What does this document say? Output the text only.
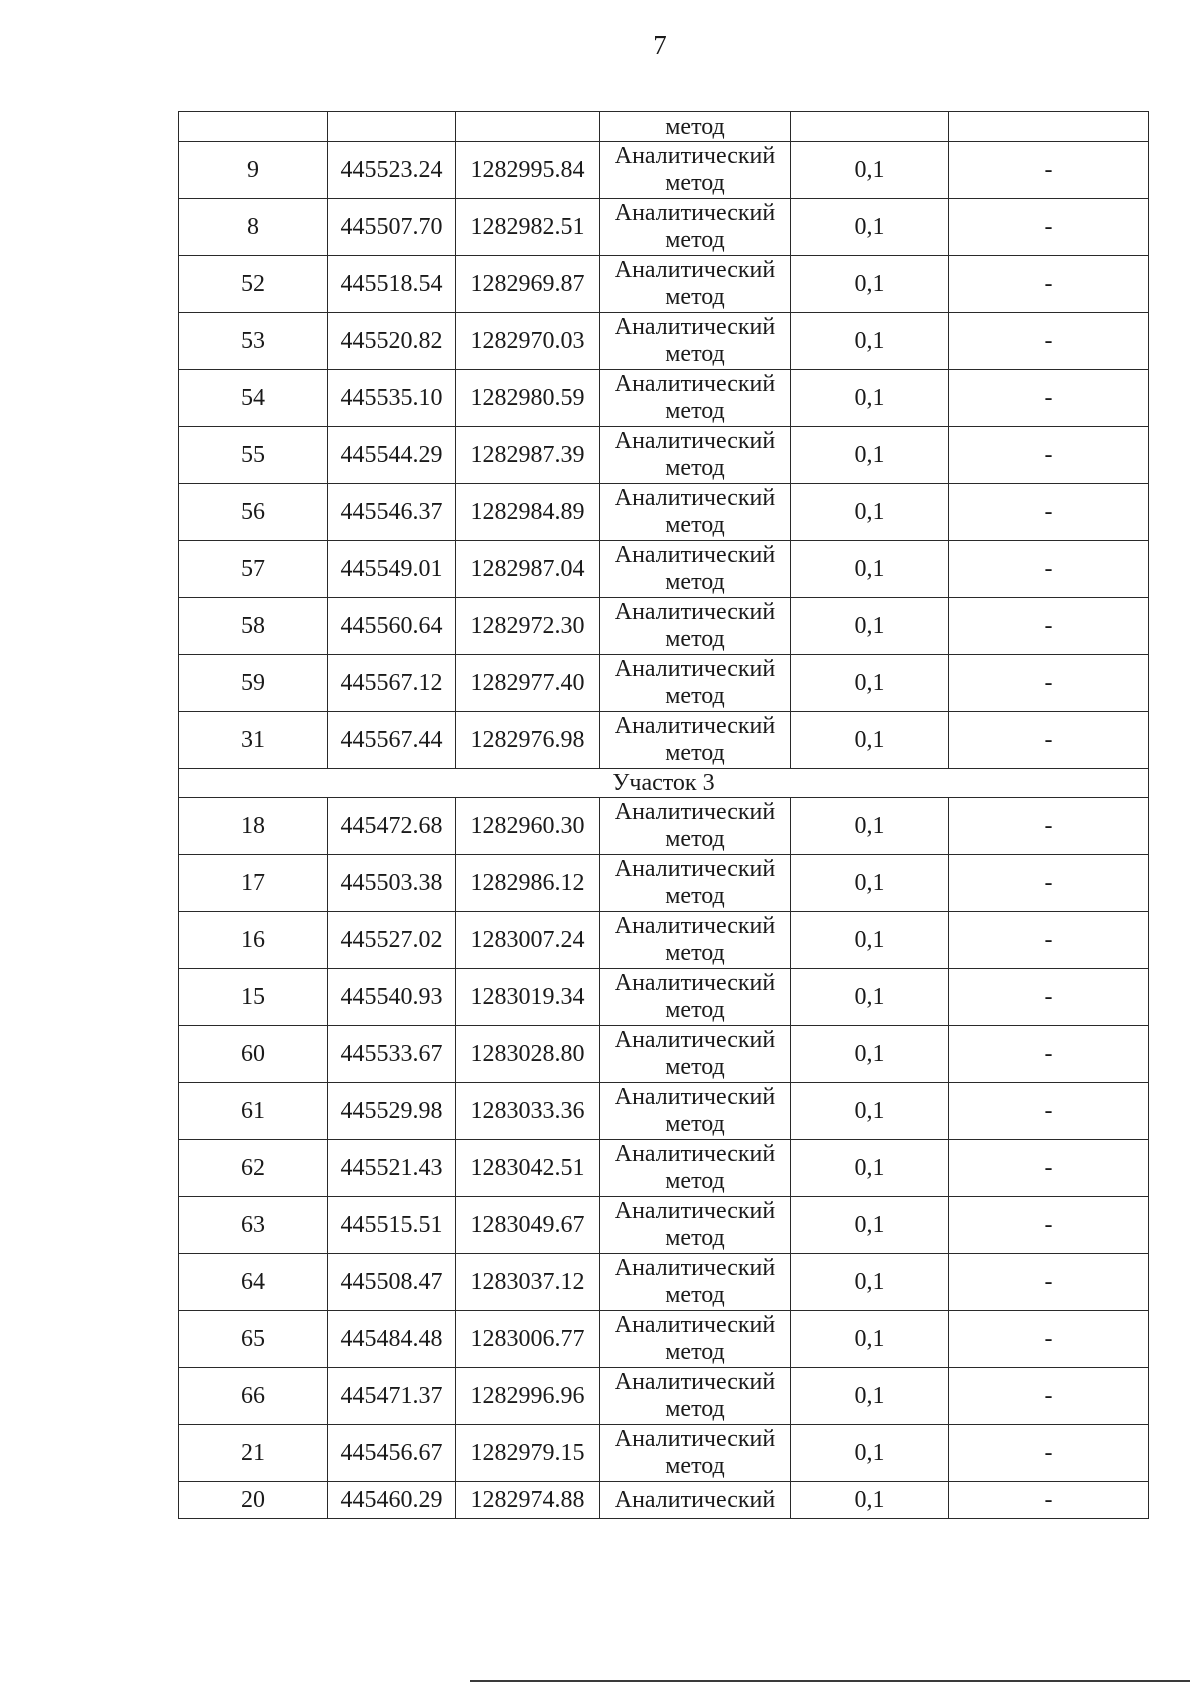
7
			метод		
9	445523.24	1282995.84	Аналитический
метод	0,1	-
8	445507.70	1282982.51	Аналитический
метод	0,1	-
52	445518.54	1282969.87	Аналитический
метод	0,1	-
53	445520.82	1282970.03	Аналитический
метод	0,1	-
54	445535.10	1282980.59	Аналитический
метод	0,1	-
55	445544.29	1282987.39	Аналитический
метод	0,1	-
56	445546.37	1282984.89	Аналитический
метод	0,1	-
57	445549.01	1282987.04	Аналитический
метод	0,1	-
58	445560.64	1282972.30	Аналитический
метод	0,1	-
59	445567.12	1282977.40	Аналитический
метод	0,1	-
31	445567.44	1282976.98	Аналитический
метод	0,1	-
Участок 3					
18	445472.68	1282960.30	Аналитический
метод	0,1	-
17	445503.38	1282986.12	Аналитический
метод	0,1	-
16	445527.02	1283007.24	Аналитический
метод	0,1	-
15	445540.93	1283019.34	Аналитический
метод	0,1	-
60	445533.67	1283028.80	Аналитический
метод	0,1	-
61	445529.98	1283033.36	Аналитический
метод	0,1	-
62	445521.43	1283042.51	Аналитический
метод	0,1	-
63	445515.51	1283049.67	Аналитический
метод	0,1	-
64	445508.47	1283037.12	Аналитический
метод	0,1	-
65	445484.48	1283006.77	Аналитический
метод	0,1	-
66	445471.37	1282996.96	Аналитический
метод	0,1	-
21	445456.67	1282979.15	Аналитический
метод	0,1	-
20	445460.29	1282974.88	Аналитический	0,1	-
